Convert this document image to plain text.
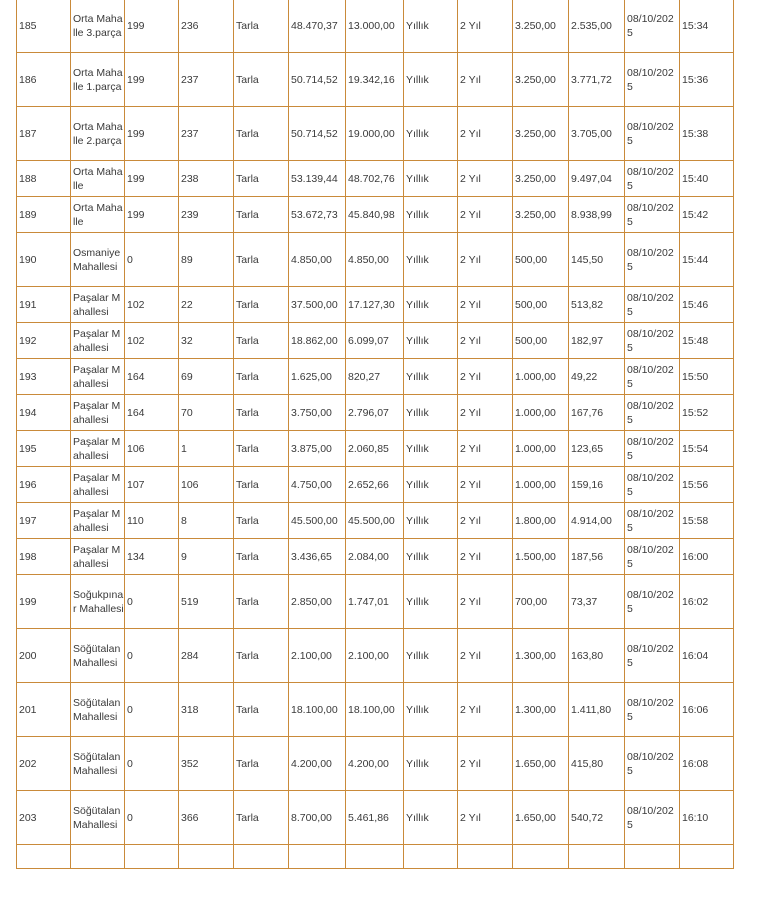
185	Orta Mahalle 3.parça	199	236	Tarla	48.470,37	13.000,00	Yıllık	2 Yıl	3.250,00	2.535,00	08/10/2025	15:34
186	Orta Mahalle 1.parça	199	237	Tarla	50.714,52	19.342,16	Yıllık	2 Yıl	3.250,00	3.771,72	08/10/2025	15:36
187	Orta Mahalle 2.parça	199	237	Tarla	50.714,52	19.000,00	Yıllık	2 Yıl	3.250,00	3.705,00	08/10/2025	15:38
188	Orta Mahalle	199	238	Tarla	53.139,44	48.702,76	Yıllık	2 Yıl	3.250,00	9.497,04	08/10/2025	15:40
189	Orta Mahalle	199	239	Tarla	53.672,73	45.840,98	Yıllık	2 Yıl	3.250,00	8.938,99	08/10/2025	15:42
190	Osmaniye Mahallesi	0	89	Tarla	4.850,00	4.850,00	Yıllık	2 Yıl	500,00	145,50	08/10/2025	15:44
191	Paşalar Mahallesi	102	22	Tarla	37.500,00	17.127,30	Yıllık	2 Yıl	500,00	513,82	08/10/2025	15:46
192	Paşalar Mahallesi	102	32	Tarla	18.862,00	6.099,07	Yıllık	2 Yıl	500,00	182,97	08/10/2025	15:48
193	Paşalar Mahallesi	164	69	Tarla	1.625,00	820,27	Yıllık	2 Yıl	1.000,00	49,22	08/10/2025	15:50
194	Paşalar Mahallesi	164	70	Tarla	3.750,00	2.796,07	Yıllık	2 Yıl	1.000,00	167,76	08/10/2025	15:52
195	Paşalar Mahallesi	106	1	Tarla	3.875,00	2.060,85	Yıllık	2 Yıl	1.000,00	123,65	08/10/2025	15:54
196	Paşalar Mahallesi	107	106	Tarla	4.750,00	2.652,66	Yıllık	2 Yıl	1.000,00	159,16	08/10/2025	15:56
197	Paşalar Mahallesi	110	8	Tarla	45.500,00	45.500,00	Yıllık	2 Yıl	1.800,00	4.914,00	08/10/2025	15:58
198	Paşalar Mahallesi	134	9	Tarla	3.436,65	2.084,00	Yıllık	2 Yıl	1.500,00	187,56	08/10/2025	16:00
199	Soğukpınar Mahallesi	0	519	Tarla	2.850,00	1.747,01	Yıllık	2 Yıl	700,00	73,37	08/10/2025	16:02
200	Söğütalan Mahallesi	0	284	Tarla	2.100,00	2.100,00	Yıllık	2 Yıl	1.300,00	163,80	08/10/2025	16:04
201	Söğütalan Mahallesi	0	318	Tarla	18.100,00	18.100,00	Yıllık	2 Yıl	1.300,00	1.411,80	08/10/2025	16:06
202	Söğütalan Mahallesi	0	352	Tarla	4.200,00	4.200,00	Yıllık	2 Yıl	1.650,00	415,80	08/10/2025	16:08
203	Söğütalan Mahallesi	0	366	Tarla	8.700,00	5.461,86	Yıllık	2 Yıl	1.650,00	540,72	08/10/2025	16:10
